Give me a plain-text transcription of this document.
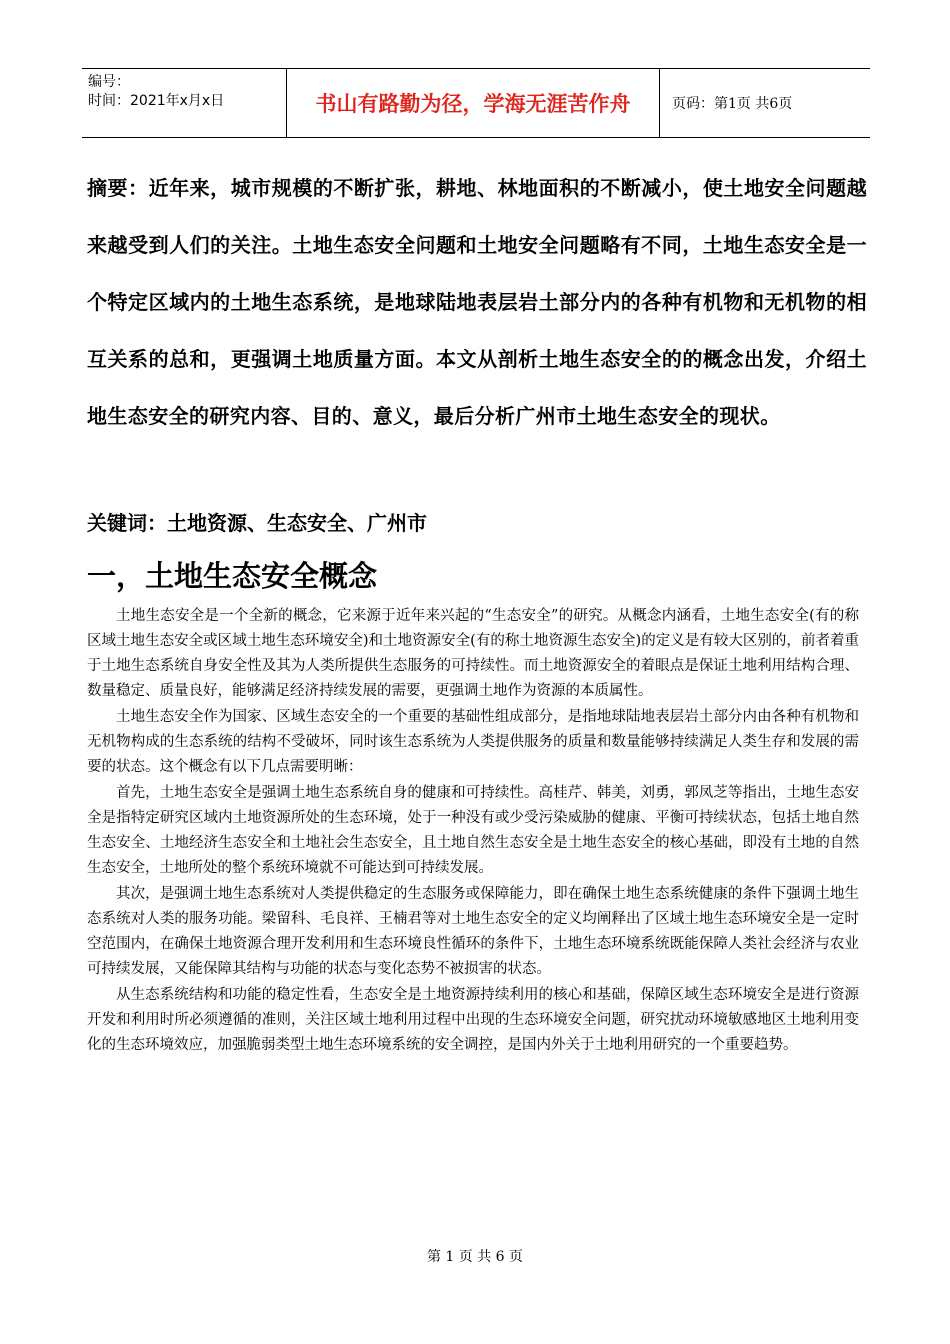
编号：
时间：2021年x月x日	书山有路勤为径，学海无涯苦作舟	页码：第1页 共6页
摘要：近年来，城市规模的不断扩张，耕地、林地面积的不断减小，使土地安全问题越来越受到人们的关注。土地生态安全问题和土地安全问题略有不同，土地生态安全是一个特定区域内的土地生态系统，是地球陆地表层岩土部分内的各种有机物和无机物的相互关系的总和，更强调土地质量方面。本文从剖析土地生态安全的的概念出发，介绍土地生态安全的研究内容、目的、意义，最后分析广州市土地生态安全的现状。
关键词：土地资源、生态安全、广州市
一，土地生态安全概念

土地生态安全是一个全新的概念，它来源于近年来兴起的“生态安全”的研究。从概念内涵看，土地生态安全(有的称区域土地生态安全或区域土地生态环境安全)和土地资源安全(有的称土地资源生态安全)的定义是有较大区别的，前者着重于土地生态系统自身安全性及其为人类所提供生态服务的可持续性。而土地资源安全的着眼点是保证土地利用结构合理、数量稳定、质量良好，能够满足经济持续发展的需要，更强调土地作为资源的本质属性。

土地生态安全作为国家、区域生态安全的一个重要的基础性组成部分，是指地球陆地表层岩土部分内由各种有机物和无机物构成的生态系统的结构不受破坏，同时该生态系统为人类提供服务的质量和数量能够持续满足人类生存和发展的需要的状态。这个概念有以下几点需要明晰：

首先，土地生态安全是强调土地生态系统自身的健康和可持续性。高桂芹、韩美，刘勇，郭凤芝等指出，土地生态安全是指特定研究区域内土地资源所处的生态环境，处于一种没有或少受污染威胁的健康、平衡可持续状态，包括土地自然生态安全、土地经济生态安全和土地社会生态安全，且土地自然生态安全是土地生态安全的核心基础，即没有土地的自然生态安全，土地所处的整个系统环境就不可能达到可持续发展。

其次，是强调土地生态系统对人类提供稳定的生态服务或保障能力，即在确保土地生态系统健康的条件下强调土地生态系统对人类的服务功能。梁留科、毛良祥、王楠君等对土地生态安全的定义均阐释出了区域土地生态环境安全是一定时空范围内，在确保土地资源合理开发利用和生态环境良性循环的条件下，土地生态环境系统既能保障人类社会经济与农业可持续发展，又能保障其结构与功能的状态与变化态势不被损害的状态。

从生态系统结构和功能的稳定性看，生态安全是土地资源持续利用的核心和基础，保障区域生态环境安全是进行资源开发和利用时所必须遵循的准则，关注区域土地利用过程中出现的生态环境安全问题，研究扰动环境敏感地区土地利用变化的生态环境效应，加强脆弱类型土地生态环境系统的安全调控，是国内外关于土地利用研究的一个重要趋势。

第 1 页 共 6 页
